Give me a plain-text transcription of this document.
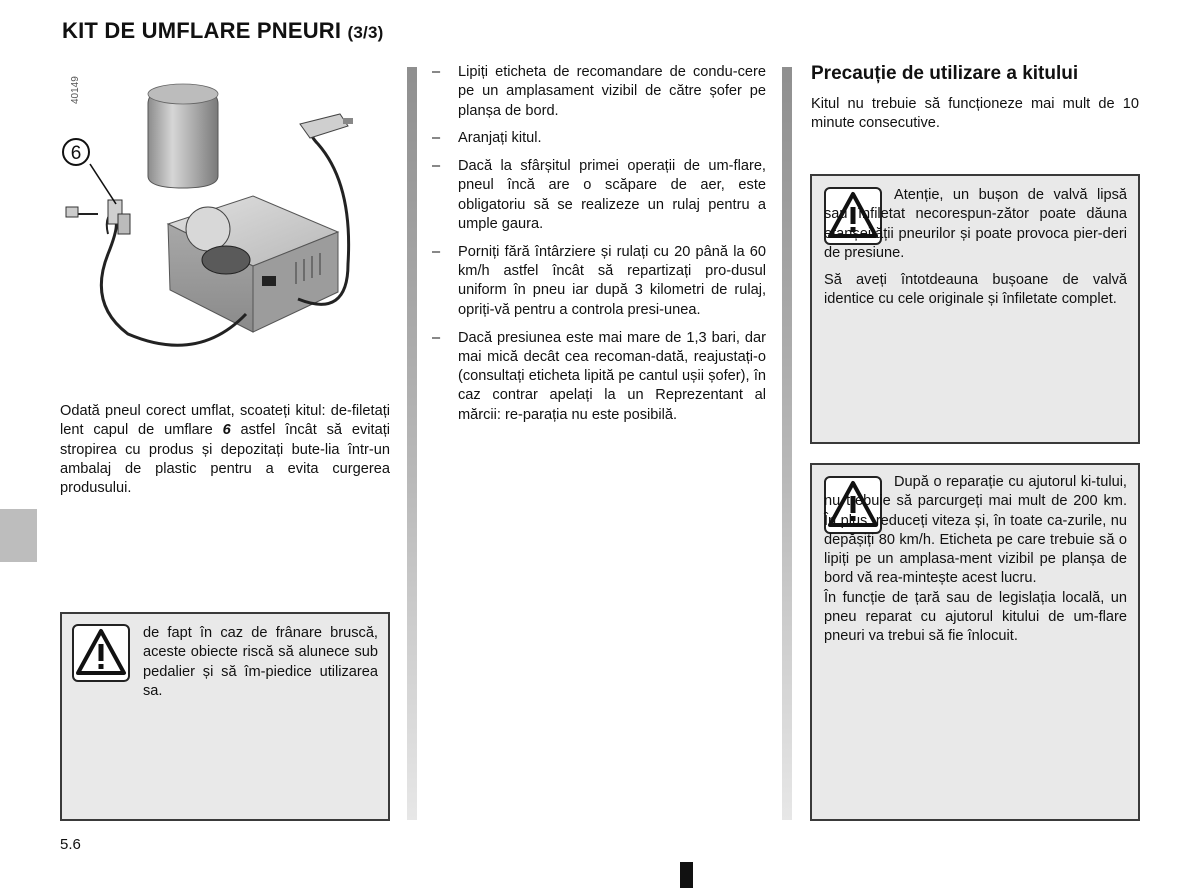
KIT DE UMFLARE PNEURI (3/3)
40149
6

Odată pneul corect umflat, scoateți kitul: de-filetați lent capul de umflare 6 astfel încât să evitați stropirea cu produs și depozitați bute-lia într-un ambalaj de plastic pentru a evita curgerea produsului.

de fapt în caz de frânare bruscă, aceste obiecte riscă să alunece sub pedalier și să îm-piedice utilizarea sa.

– Lipiți eticheta de recomandare de condu-cere pe un amplasament vizibil de către șofer pe planșa de bord.
– Aranjați kitul.
– Dacă la sfârșitul primei operații de um-flare, pneul încă are o scăpare de aer, este obligatoriu să se realizeze un rulaj pentru a umple gaura.
– Porniți fără întârziere și rulați cu 20 până la 60 km/h astfel încât să repartizați pro-dusul uniform în pneu iar după 3 kilometri de rulaj, opriți-vă pentru a controla presi-unea.
– Dacă presiunea este mai mare de 1,3 bari, dar mai mică decât cea recoman-dată, reajustați-o (consultați eticheta lipită pe cantul ușii șofer), în caz contrar apelați la un Reprezentant al mărcii: re-parația nu este posibilă.
Precauție de utilizare a kitului

Kitul nu trebuie să funcționeze mai mult de 10 minute consecutive.

Atenție, un bușon de valvă lipsă sau înfiletat necorespun-zător poate dăuna etanșeității pneurilor și poate provoca pier-deri de presiune.

Să aveți întotdeauna bușoane de valvă identice cu cele originale și înfiletate complet.

După o reparație cu ajutorul ki-tului, nu trebuie să parcurgeți mai mult de 200 km. În plus, reduceți viteza și, în toate ca-zurile, nu depășiți 80 km/h. Eticheta pe care trebuie să o lipiți pe un amplasa-ment vizibil pe planșa de bord vă rea-mintește acest lucru.

În funcție de țară sau de legislația locală, un pneu reparat cu ajutorul kitului de um-flare pneuri va trebui să fie înlocuit.

5.6
